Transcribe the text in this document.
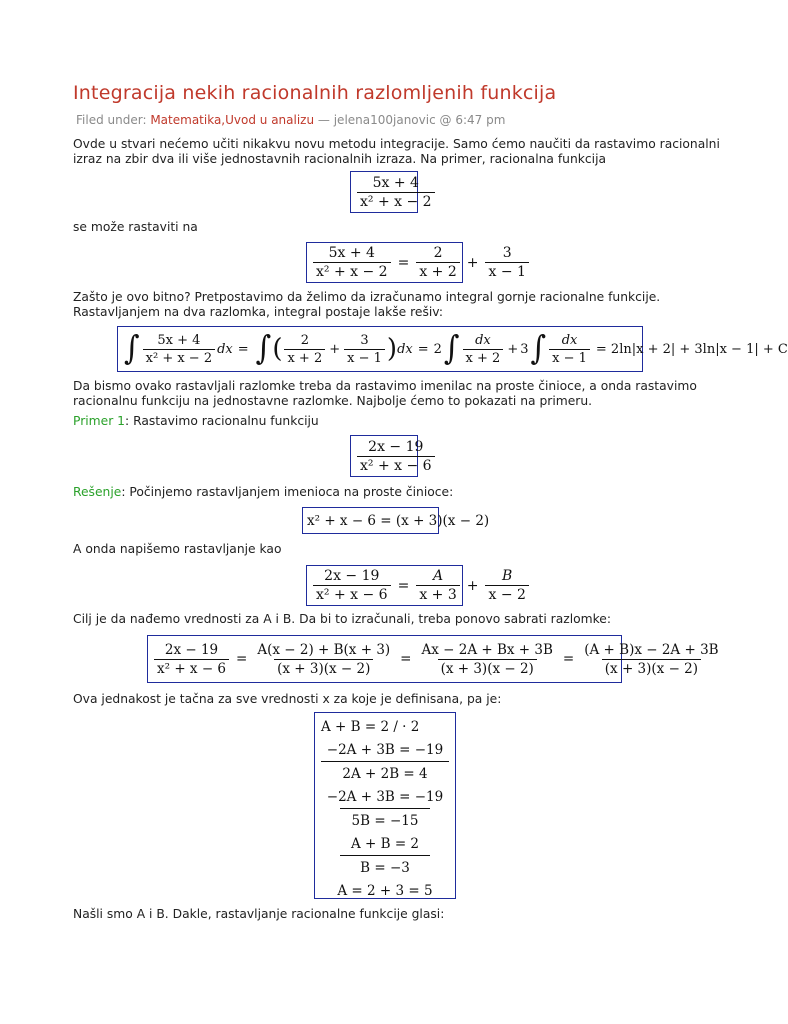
Integracija nekih racionalnih razlomljenih funkcija
Filed under: Matematika,Uvod u analizu — jelena100janovic @ 6:47 pm
Ovde u stvari nećemo učiti nikakvu novu metodu integracije. Samo ćemo naučiti da rastavimo racionalni
izraz na zbir dva ili više jednostavnih racionalnih izraza. Na primer, racionalna funkcija
$\frac{5x + 4}{\text{x² + x − 2}}$
se može rastaviti na
$\frac{5x + 4}{\text{x² + x − 2}} = \frac{2}{x + 2} + \frac{3}{x - 1}$
Zašto je ovo bitno? Pretpostavimo da želimo da izračunamo integral gornje racionalne funkcije.
Rastavljanjem na dva razlomka, integral postaje lakše rešiv:
∫ $\frac{5x + 4}{\text{x² + x − 2}}$ dx = ∫ ( $\frac{2}{x + 2} + \frac{3}{x - 1}$ ) dx = 2 ∫ $\frac{dx}{x + 2} + 3$ ∫ $\frac{dx}{x - 1} = 2\ln|x + 2| + 3\ln|x - 1| + C$
Da bismo ovako rastavljali razlomke treba da rastavimo imenilac na proste činioce, a onda rastavimo
racionalnu funkciju na jednostavne razlomke. Najbolje ćemo to pokazati na primeru.
Primer 1: Rastavimo racionalnu funkciju
$\frac{2x - 19}{\text{x² + x − 6}}$
Rešenje: Počinjemo rastavljanjem imenioca na proste činioce:
x² + x − 6 = (x + 3)(x − 2)
A onda napišemo rastavljanje kao
$\frac{2x - 19}{\text{x² + x − 6}} = \frac{A}{x + 3} + \frac{B}{x - 2}$
Cilj je da nađemo vrednosti za A i B. Da bi to izračunali, treba ponovo sabrati razlomke:
$\frac{2x - 19}{\text{x² + x − 6}} = \frac{A(x - 2) + B(x + 3)}{(x + 3)(x - 2)} = \frac{Ax - 2A + Bx + 3B}{(x + 3)(x - 2)} = \frac{(A + B)x - 2A + 3B}{(x + 3)(x - 2)}$
Ova jednakost je tačna za sve vrednosti x za koje je definisana, pa je:
A + B = 2 / · 2
−2A + 3B = −19
2A + 2B = 4
−2A + 3B = −19
5B = −15
A + B = 2
B = −3
A = 2 + 3 = 5
Našli smo A i B. Dakle, rastavljanje racionalne funkcije glasi:
